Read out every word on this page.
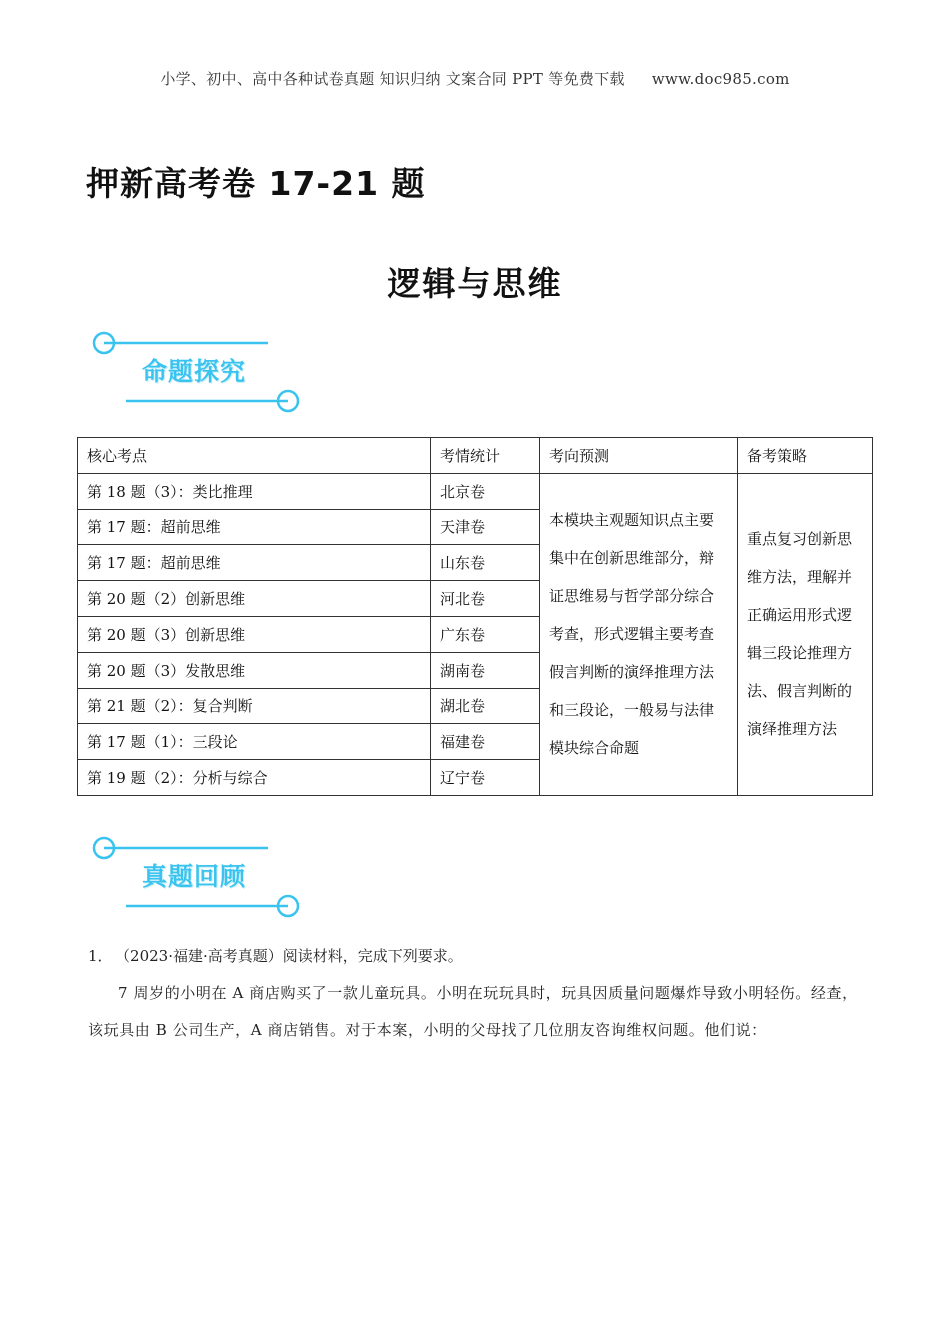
小学、初中、高中各种试卷真题 知识归纳 文案合同 PPT 等免费下载 www.doc985.com
押新高考卷 17-21 题
逻辑与思维
命题探究
核心考点	考情统计	考向预测	备考策略
第 18 题（3）：类比推理	北京卷	本模块主观题知识点主要集中在创新思维部分，辩证思维易与哲学部分综合考查，形式逻辑主要考查假言判断的演绎推理方法和三段论，一般易与法律模块综合命题	重点复习创新思维方法，理解并正确运用形式逻辑三段论推理方法、假言判断的演绎推理方法
第 17 题：超前思维	天津卷		
第 17 题：超前思维	山东卷		
第 20 题（2）创新思维	河北卷		
第 20 题（3）创新思维	广东卷		
第 20 题（3）发散思维	湖南卷		
第 21 题（2）：复合判断	湖北卷		
第 17 题（1）：三段论	福建卷		
第 19 题（2）：分析与综合	辽宁卷		
真题回顾
1． （2023·福建·高考真题）阅读材料，完成下列要求。
7 周岁的小明在 A 商店购买了一款儿童玩具。小明在玩玩具时，玩具因质量问题爆炸导致小明轻伤。经查，该玩具由 B 公司生产，A 商店销售。对于本案，小明的父母找了几位朋友咨询维权问题。他们说：
